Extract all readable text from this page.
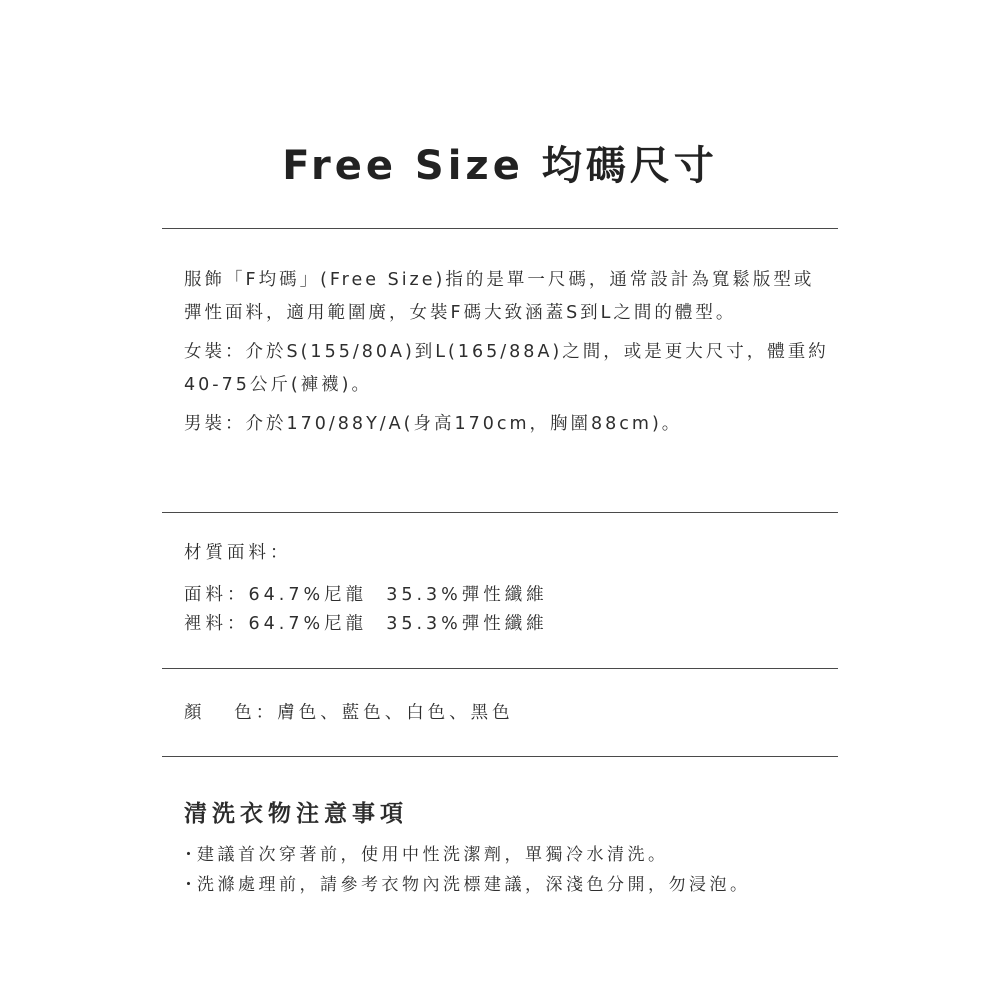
Free Size 均碼尺寸

服飾「F均碼」(Free Size)指的是單一尺碼，通常設計為寬鬆版型或彈性面料，適用範圍廣，女裝F碼大致涵蓋S到L之間的體型。

女裝：介於S(155/80A)到L(165/88A)之間，或是更大尺寸，體重約40-75公斤(褲襪)。

男裝：介於170/88Y/A(身高170cm，胸圍88cm)。

材質面料：
面料：64.7%尼龍  35.3%彈性纖維
裡料：64.7%尼龍  35.3%彈性纖維
顏   色：膚色、藍色、白色、黑色
清洗衣物注意事項
・ 建議首次穿著前，使用中性洗潔劑，單獨冷水清洗。
・ 洗滌處理前，請參考衣物內洗標建議，深淺色分開，勿浸泡。
